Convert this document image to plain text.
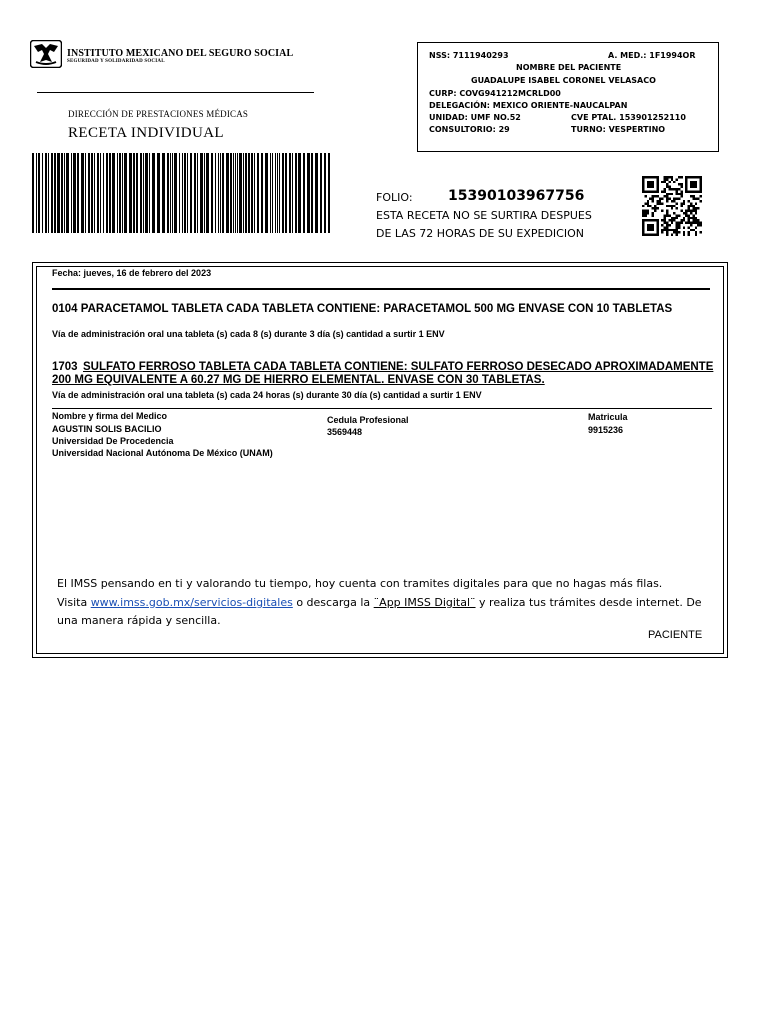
INSTITUTO MEXICANO DEL SEGURO SOCIAL
SEGURIDAD Y SOLIDARIDAD SOCIAL
DIRECCIÓN DE PRESTACIONES MÉDICAS
RECETA INDIVIDUAL
NSS: 7111940293	A. MED.: 1F1994OR
NOMBRE DEL PACIENTE
GUADALUPE ISABEL CORONEL VELASACO
CURP: COVG941212MCRLD00
DELEGACIÓN: MEXICO ORIENTE-NAUCALPAN
UNIDAD: UMF NO.52	CVE PTAL. 153901252110
CONSULTORIO: 29	TURNO: VESPERTINO
FOLIO:	15390103967756
ESTA RECETA NO SE SURTIRA DESPUES
DE LAS 72 HORAS DE SU EXPEDICION
Fecha: jueves, 16 de febrero del 2023
0104 PARACETAMOL TABLETA CADA TABLETA CONTIENE: PARACETAMOL 500 MG ENVASE CON 10 TABLETAS
Vía de administración oral una tableta (s) cada 8 (s) durante 3 día (s) cantidad a surtir 1 ENV
1703 SULFATO FERROSO TABLETA CADA TABLETA CONTIENE: SULFATO FERROSO DESECADO APROXIMADAMENTE 200 MG EQUIVALENTE A 60.27 MG DE HIERRO ELEMENTAL. ENVASE CON 30 TABLETAS.
Vía de administración oral una tableta (s) cada 24 horas (s) durante 30 día (s) cantidad a surtir 1 ENV
Nombre y firma del Medico
AGUSTIN SOLIS BACILIO
Universidad De Procedencia
Universidad Nacional Autónoma De México (UNAM)
Cedula Profesional
3569448
Matricula
9915236
El IMSS pensando en ti y valorando tu tiempo, hoy cuenta con tramites digitales para que no hagas más filas.
Visita www.imss.gob.mx/servicios-digitales o descarga la ¨App IMSS Digital¨ y realiza tus trámites desde internet. De
una manera rápida y sencilla.
PACIENTE
